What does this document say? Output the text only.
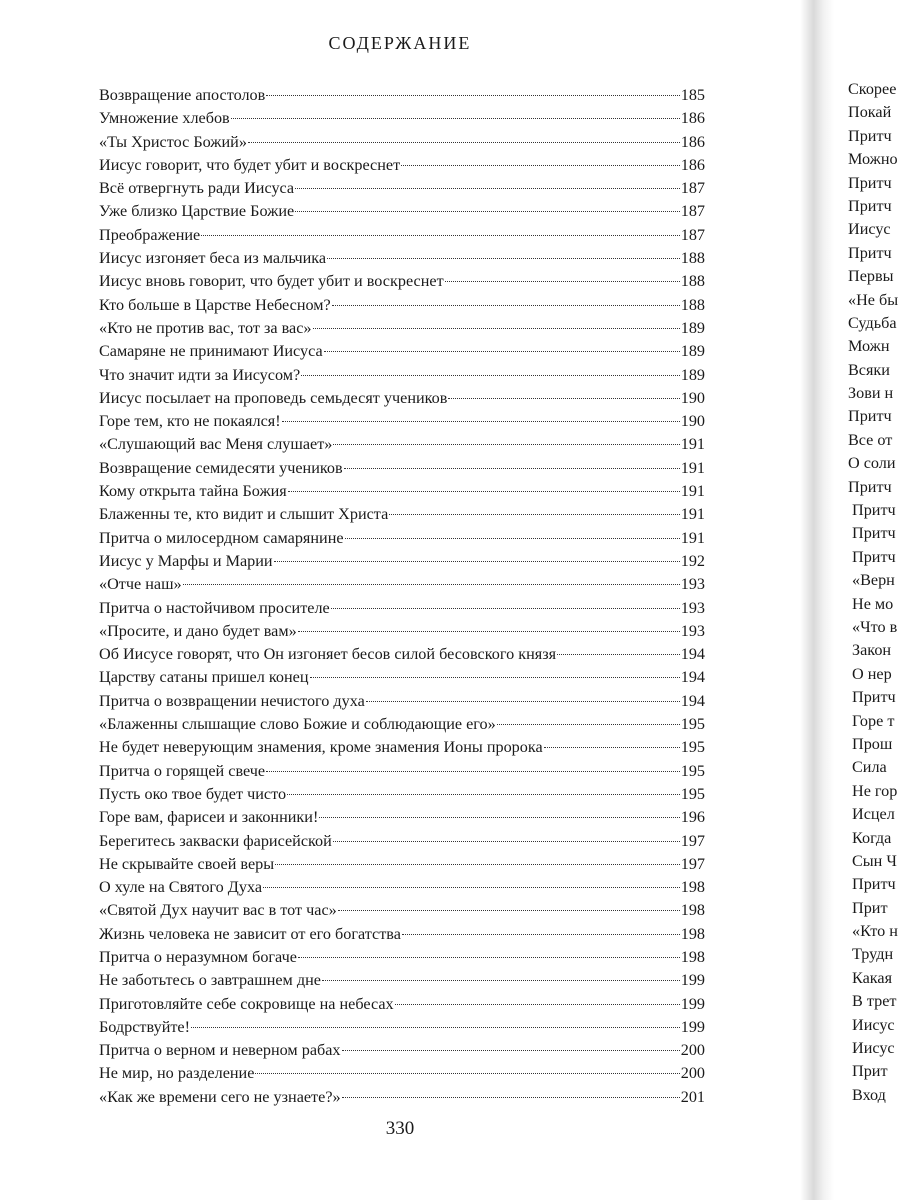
СОДЕРЖАНИЕ
Возвращение апостолов	185
Умножение хлебов	186
«Ты Христос Божий»	186
Иисус говорит, что будет убит и воскреснет	186
Всё отвергнуть ради Иисуса	187
Уже близко Царствие Божие	187
Преображение	187
Иисус изгоняет беса из мальчика	188
Иисус вновь говорит, что будет убит и воскреснет	188
Кто больше в Царстве Небесном?	188
«Кто не против вас, тот за вас»	189
Самаряне не принимают Иисуса	189
Что значит идти за Иисусом?	189
Иисус посылает на проповедь семьдесят учеников	190
Горе тем, кто не покаялся!	190
«Слушающий вас Меня слушает»	191
Возвращение семидесяти учеников	191
Кому открыта тайна Божия	191
Блаженны те, кто видит и слышит Христа	191
Притча о милосердном самарянине	191
Иисус у Марфы и Марии	192
«Отче наш»	193
Притча о настойчивом просителе	193
«Просите, и дано будет вам»	193
Об Иисусе говорят, что Он изгоняет бесов силой бесовского князя	194
Царству сатаны пришел конец	194
Притча о возвращении нечистого духа	194
«Блаженны слышащие слово Божие и соблюдающие его»	195
Не будет неверующим знамения, кроме знамения Ионы пророка	195
Притча о горящей свече	195
Пусть око твое будет чисто	195
Горе вам, фарисеи и законники!	196
Берегитесь закваски фарисейской	197
Не скрывайте своей веры	197
О хуле на Святого Духа	198
«Святой Дух научит вас в тот час»	198
Жизнь человека не зависит от его богатства	198
Притча о неразумном богаче	198
Не заботьтесь о завтрашнем дне	199
Приготовляйте себе сокровище на небесах	199
Бодрствуйте!	199
Притча о верном и неверном рабах	200
Не мир, но разделение	200
«Как же времени сего не узнаете?»	201
330
Скорее
Покай
Притч
Можно
Притч
Притч
Иисус
Притч
Первы
«Не бы
Судьба
Можн
Всяки
Зови н
Притч
Все от
О соли
Притч
Притч
Притч
Притч
«Верн
Не мо
«Что в
Закон
О нер
Притч
Горе т
Прош
Сила
Не гор
Исцел
Когда
Сын Ч
Притч
Прит
«Кто н
Трудн
Какая
В трет
Иисус
Иисус
Прит
Вход
